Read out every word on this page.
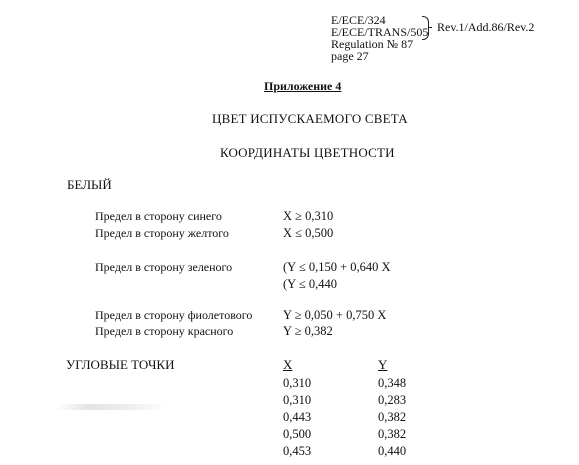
E/ECE/324
E/ECE/TRANS/505
Regulation № 87
page 27
Rev.1/Add.86/Rev.2
Приложение 4
ЦВЕТ ИСПУСКАЕМОГО СВЕТА
КООРДИНАТЫ ЦВЕТНОСТИ
БЕЛЫЙ
Предел в сторону синего	X ≥ 0,310
Предел в сторону желтого	X ≤ 0,500
Предел в сторону зеленого	(Y ≤ 0,150 + 0,640 X
(Y ≤ 0,440
Предел в сторону фиолетового Y ≥ 0,050 + 0,750 X
Предел в сторону красного	Y ≥ 0,382
УГЛОВЫЕ ТОЧКИ	X	Y
0,310	0,348
0,310	0,283
0,443	0,382
0,500	0,382
0,453	0,440
